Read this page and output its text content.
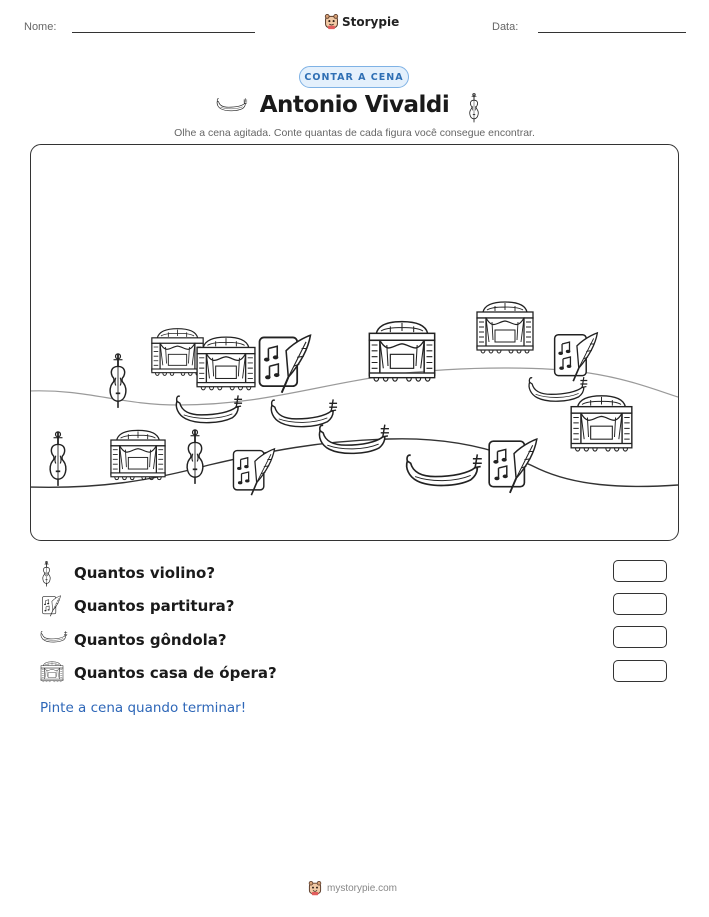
Nome:	Storypie	Data:
CONTAR A CENA
Antonio Vivaldi
Olhe a cena agitada. Conte quantas de cada figura você consegue encontrar.
Quantos violino?
Quantos partitura?
Quantos gôndola?
Quantos casa de ópera?
Pinte a cena quando terminar!
mystorypie.com
